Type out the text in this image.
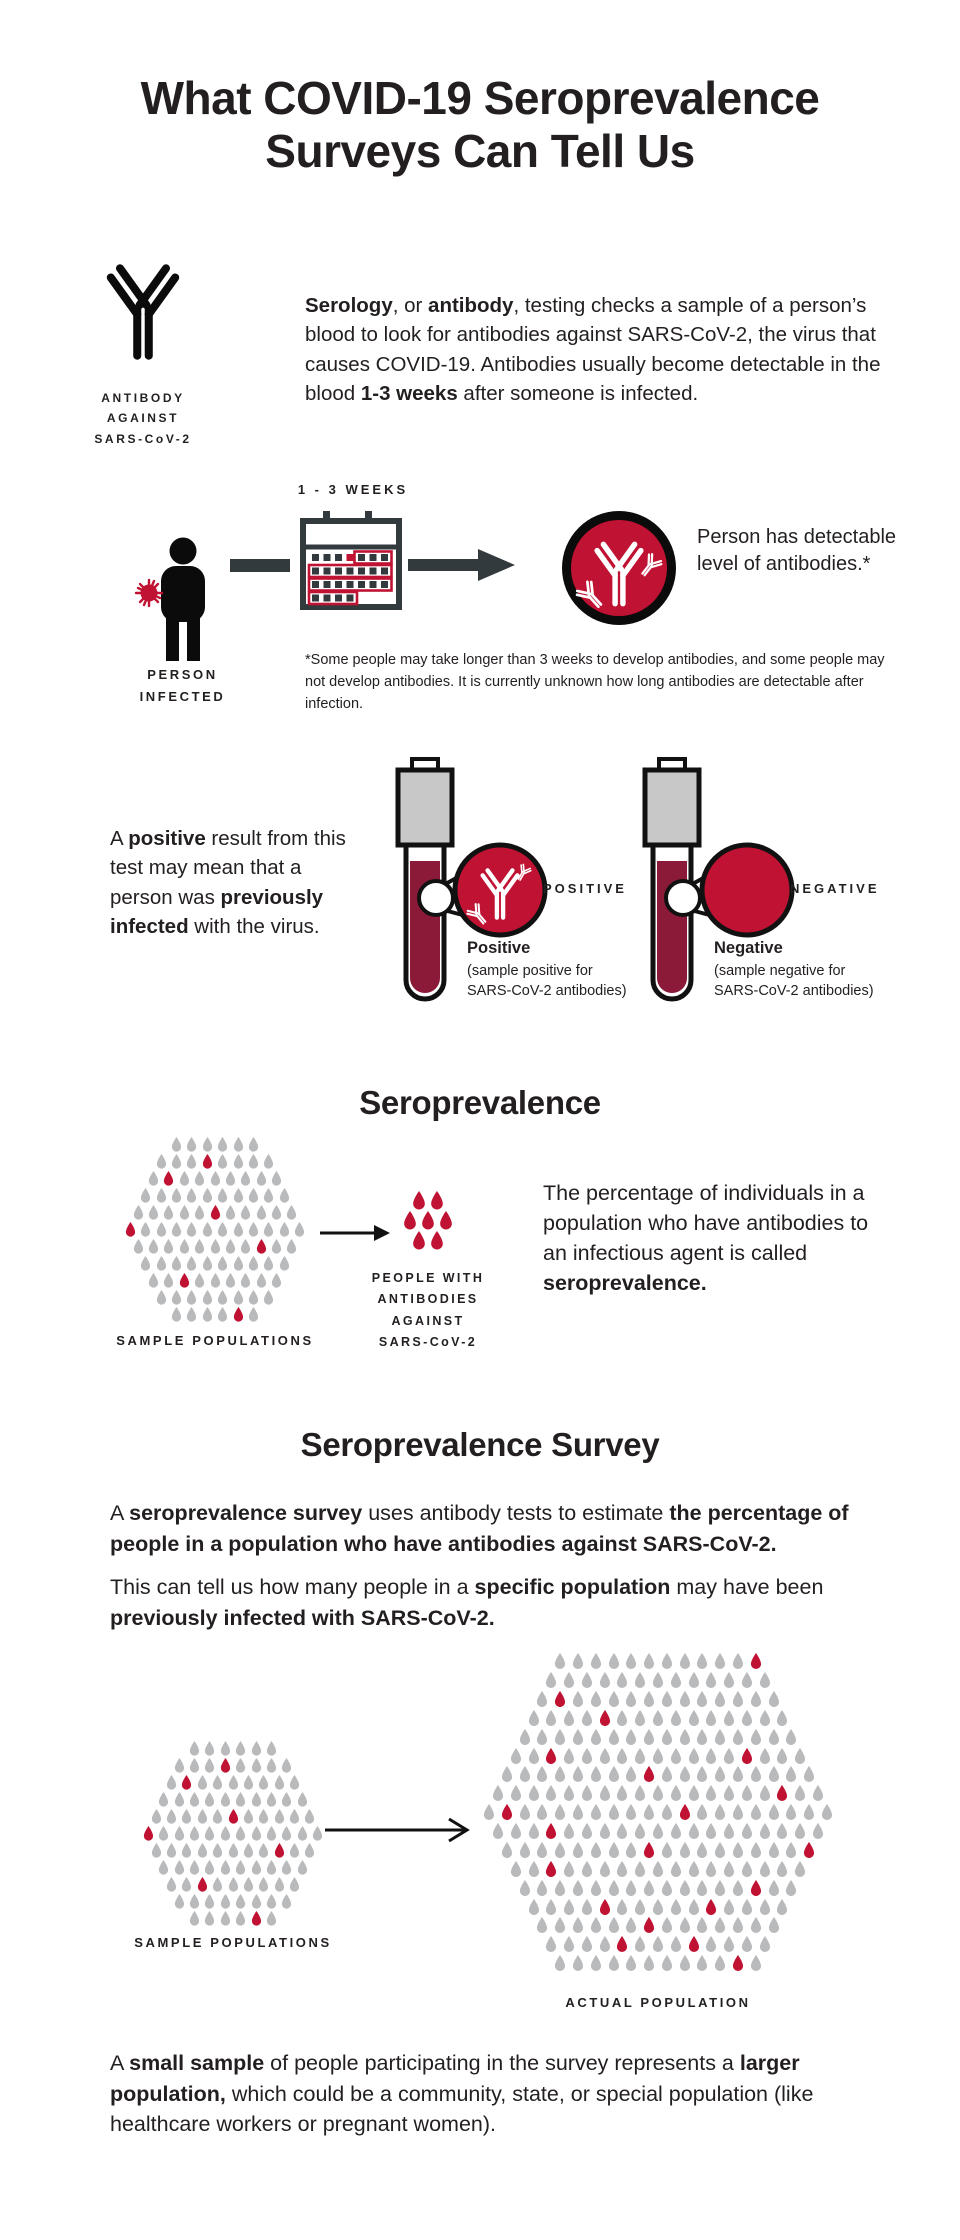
What COVID-19 Seroprevalence
Surveys Can Tell Us
ANTIBODY
AGAINST
SARS-CoV-2
Serology, or antibody, testing checks a sample of a person’s blood to look for antibodies against SARS-CoV-2, the virus that causes COVID-19. Antibodies usually become detectable in the blood 1-3 weeks after someone is infected.
1 - 3 WEEKS
PERSON
INFECTED
Person has detectable level of antibodies.*
*Some people may take longer than 3 weeks to develop antibodies, and some people may not develop antibodies. It is currently unknown how long antibodies are detectable after infection.
A positive result from this test may mean that a person was previously infected with the virus.
POSITIVE
Positive
(sample positive for
SARS-CoV-2 antibodies)
NEGATIVE
Negative
(sample negative for
SARS-CoV-2 antibodies)
Seroprevalence
SAMPLE POPULATIONS
PEOPLE WITH
ANTIBODIES
AGAINST
SARS-CoV-2
The percentage of individuals in a population who have antibodies to an infectious agent is called seroprevalence.
Seroprevalence Survey
A seroprevalence survey uses antibody tests to estimate the percentage of people in a population who have antibodies against SARS-CoV-2.
This can tell us how many people in a specific population may have been previously infected with SARS-CoV-2.
SAMPLE POPULATIONS
ACTUAL POPULATION
A small sample of people participating in the survey represents a larger population, which could be a community, state, or special population (like healthcare workers or pregnant women).
